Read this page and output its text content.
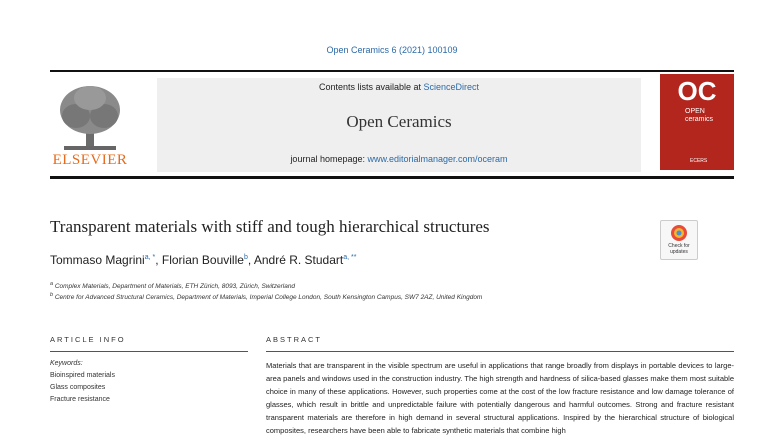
Open Ceramics 6 (2021) 100109
ELSEVIER
Contents lists available at ScienceDirect
Open Ceramics
journal homepage: www.editorialmanager.com/oceram
OC
OPEN
ceramics
ECERS
Transparent materials with stiff and tough hierarchical structures
Check for
updates
Tommaso Magrini$^{a, *}$, Florian Bouville$^b$, André R. Studart$^{a, **}$
$^a$ Complex Materials, Department of Materials, ETH Zürich, 8093, Zürich, Switzerland
$^b$ Centre for Advanced Structural Ceramics, Department of Materials, Imperial College London, South Kensington Campus, SW7 2AZ, United Kingdom
ARTICLE INFO	ABSTRACT
Keywords:
Bioinspired materials
Glass composites
Fracture resistance
Materials that are transparent in the visible spectrum are useful in applications that range broadly from displays in portable devices to large-area panels and windows used in the construction industry. The high strength and hardness of silica-based glasses make them most suitable choice in many of these applications. However, such properties come at the cost of the low fracture resistance and low damage tolerance of glasses, which result in brittle and unpredictable failure with potentially dangerous and harmful outcomes. Strong and fracture resistant transparent materials are therefore in high demand in several structural applications. Inspired by the hierarchical structure of biological composites, researchers have been able to fabricate synthetic materials that combine high
